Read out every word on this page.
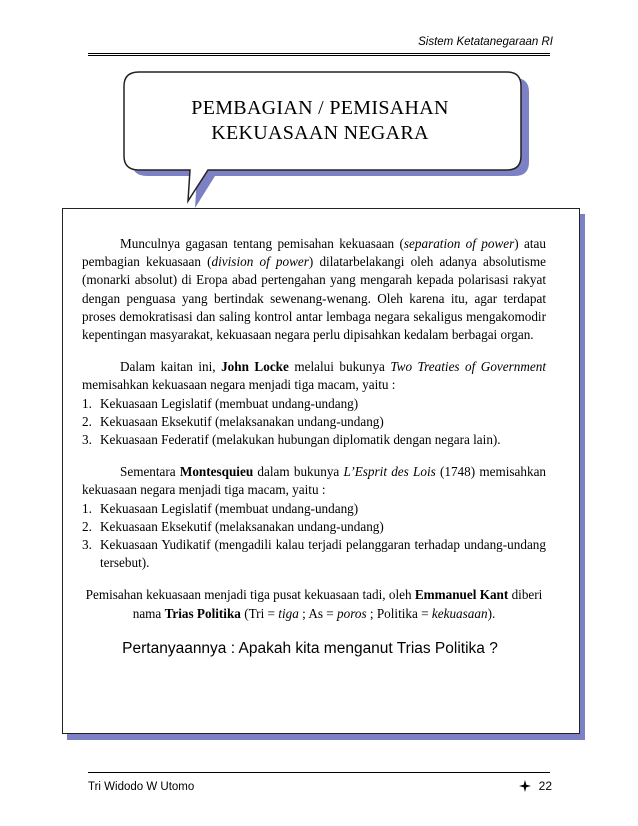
Sistem Ketatanegaraan RI
PEMBAGIAN / PEMISAHAN
KEKUASAAN NEGARA

Munculnya gagasan tentang pemisahan kekuasaan (separation of power) atau pembagian kekuasaan (division of power) dilatarbelakangi oleh adanya absolutisme (monarki absolut) di Eropa abad pertengahan yang mengarah kepada polarisasi rakyat dengan penguasa yang bertindak sewenang-wenang. Oleh karena itu, agar terdapat proses demokratisasi dan saling kontrol antar lembaga negara sekaligus mengakomodir kepentingan masyarakat, kekuasaan negara perlu dipisahkan kedalam berbagai organ.

Dalam kaitan ini, John Locke melalui bukunya Two Treaties of Government memisahkan kekuasaan negara menjadi tiga macam, yaitu :

1. Kekuasaan Legislatif (membuat undang-undang)
2. Kekuasaan Eksekutif (melaksanakan undang-undang)
3. Kekuasaan Federatif (melakukan hubungan diplomatik dengan negara lain).

Sementara Montesquieu dalam bukunya L’Esprit des Lois (1748) memisahkan kekuasaan negara menjadi tiga macam, yaitu :

1. Kekuasaan Legislatif (membuat undang-undang)
2. Kekuasaan Eksekutif (melaksanakan undang-undang)
3. Kekuasaan Yudikatif (mengadili kalau terjadi pelanggaran terhadap undang-undang tersebut).

Pemisahan kekuasaan menjadi tiga pusat kekuasaan tadi, oleh Emmanuel Kant diberi nama Trias Politika (Tri = tiga ; As = poros ; Politika = kekuasaan).

Pertanyaannya : Apakah kita menganut Trias Politika ?

Tri Widodo W Utomo	22
